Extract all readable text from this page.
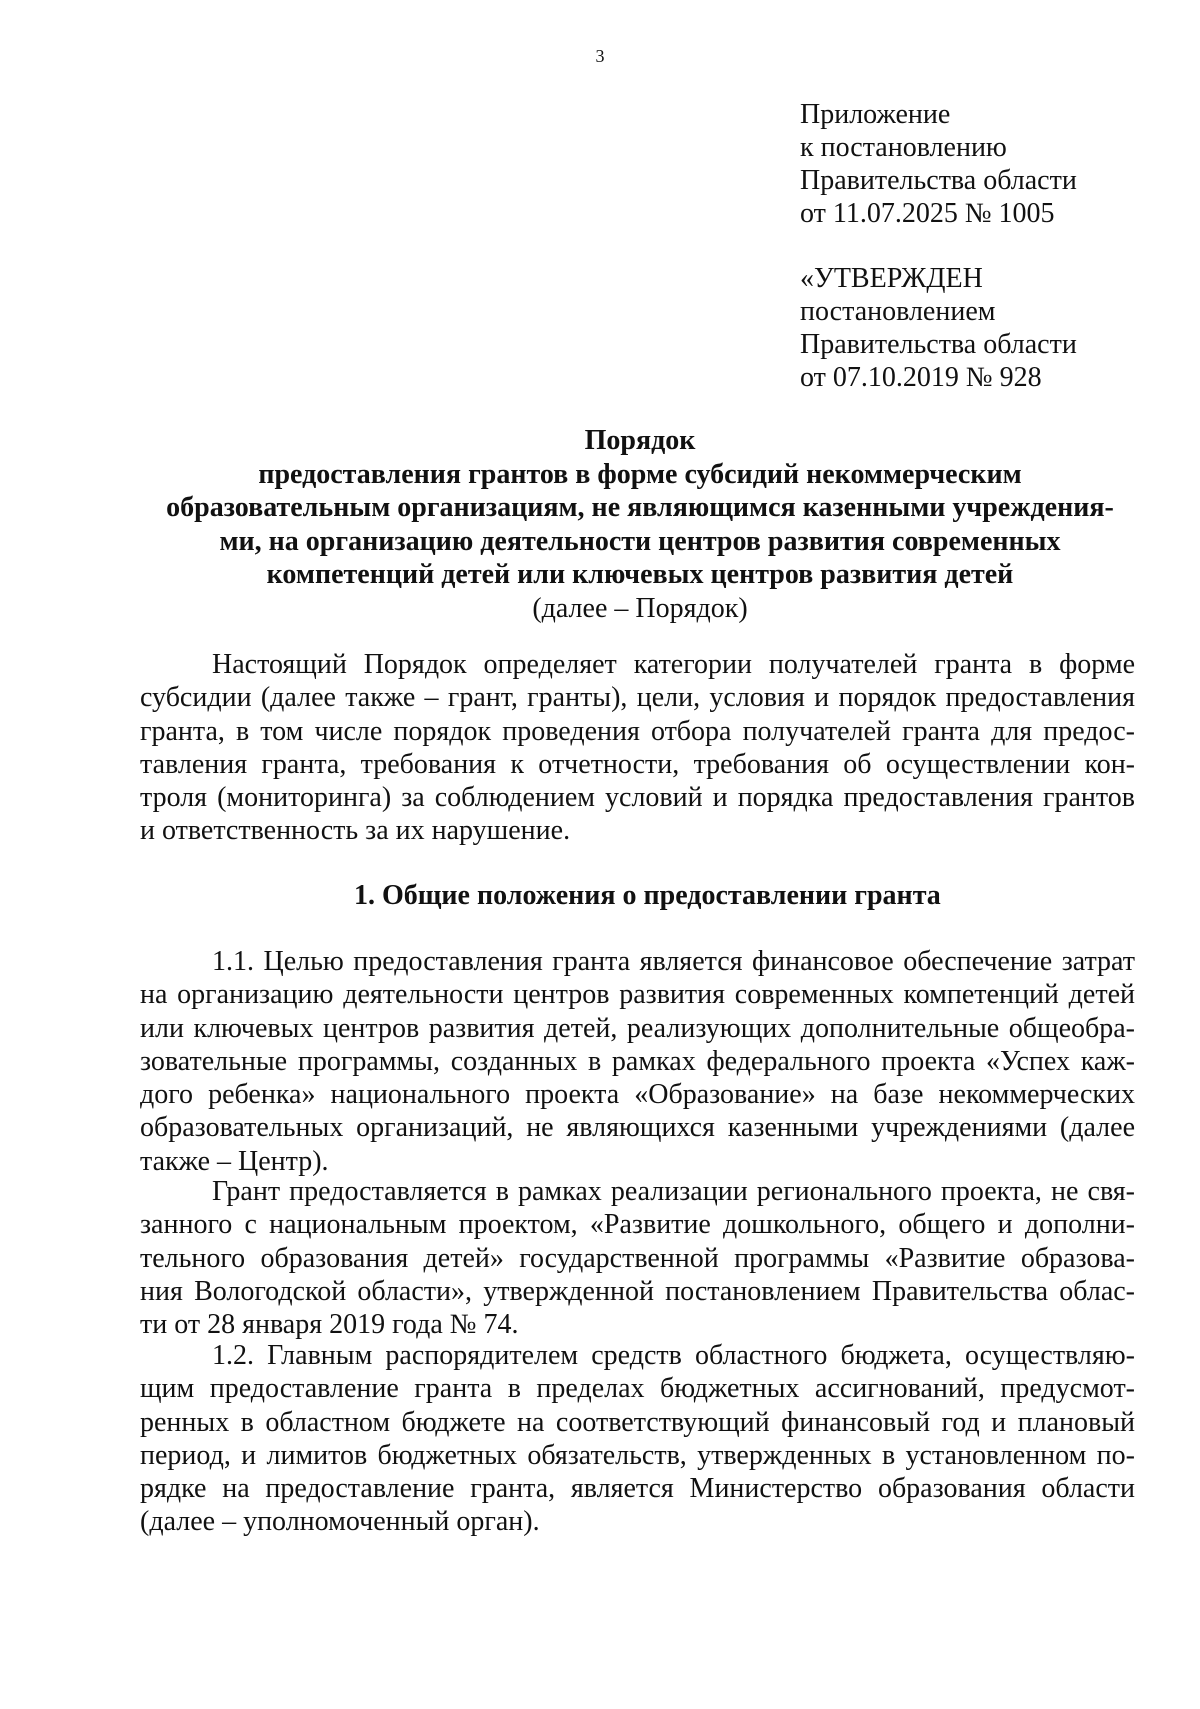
3
Приложение
к постановлению
Правительства области
от 11.07.2025 № 1005
«УТВЕРЖДЕН
постановлением
Правительства области
от 07.10.2019 № 928
Порядок
предоставления грантов в форме субсидий некоммерческим
образовательным организациям, не являющимся казенными учреждения-
ми, на организацию деятельности центров развития современных
компетенций детей или ключевых центров развития детей
(далее – Порядок)
Настоящий Порядок определяет категории получателей гранта в форме
субсидии (далее также – грант, гранты), цели, условия и порядок предоставления
гранта, в том числе порядок проведения отбора получателей гранта для предос-
тавления гранта, требования к отчетности, требования об осуществлении кон-
троля (мониторинга) за соблюдением условий и порядка предоставления грантов
и ответственность за их нарушение.
1. Общие положения о предоставлении гранта
1.1. Целью предоставления гранта является финансовое обеспечение затрат
на организацию деятельности центров развития современных компетенций детей
или ключевых центров развития детей, реализующих дополнительные общеобра-
зовательные программы, созданных в рамках федерального проекта «Успех каж-
дого ребенка» национального проекта «Образование» на базе некоммерческих
образовательных организаций, не являющихся казенными учреждениями (далее
также – Центр).
Грант предоставляется в рамках реализации регионального проекта, не свя-
занного с национальным проектом, «Развитие дошкольного, общего и дополни-
тельного образования детей» государственной программы «Развитие образова-
ния Вологодской области», утвержденной постановлением Правительства облас-
ти от 28 января 2019 года № 74.
1.2. Главным распорядителем средств областного бюджета, осуществляю-
щим предоставление гранта в пределах бюджетных ассигнований, предусмот-
ренных в областном бюджете на соответствующий финансовый год и плановый
период, и лимитов бюджетных обязательств, утвержденных в установленном по-
рядке на предоставление гранта, является Министерство образования области
(далее – уполномоченный орган).
